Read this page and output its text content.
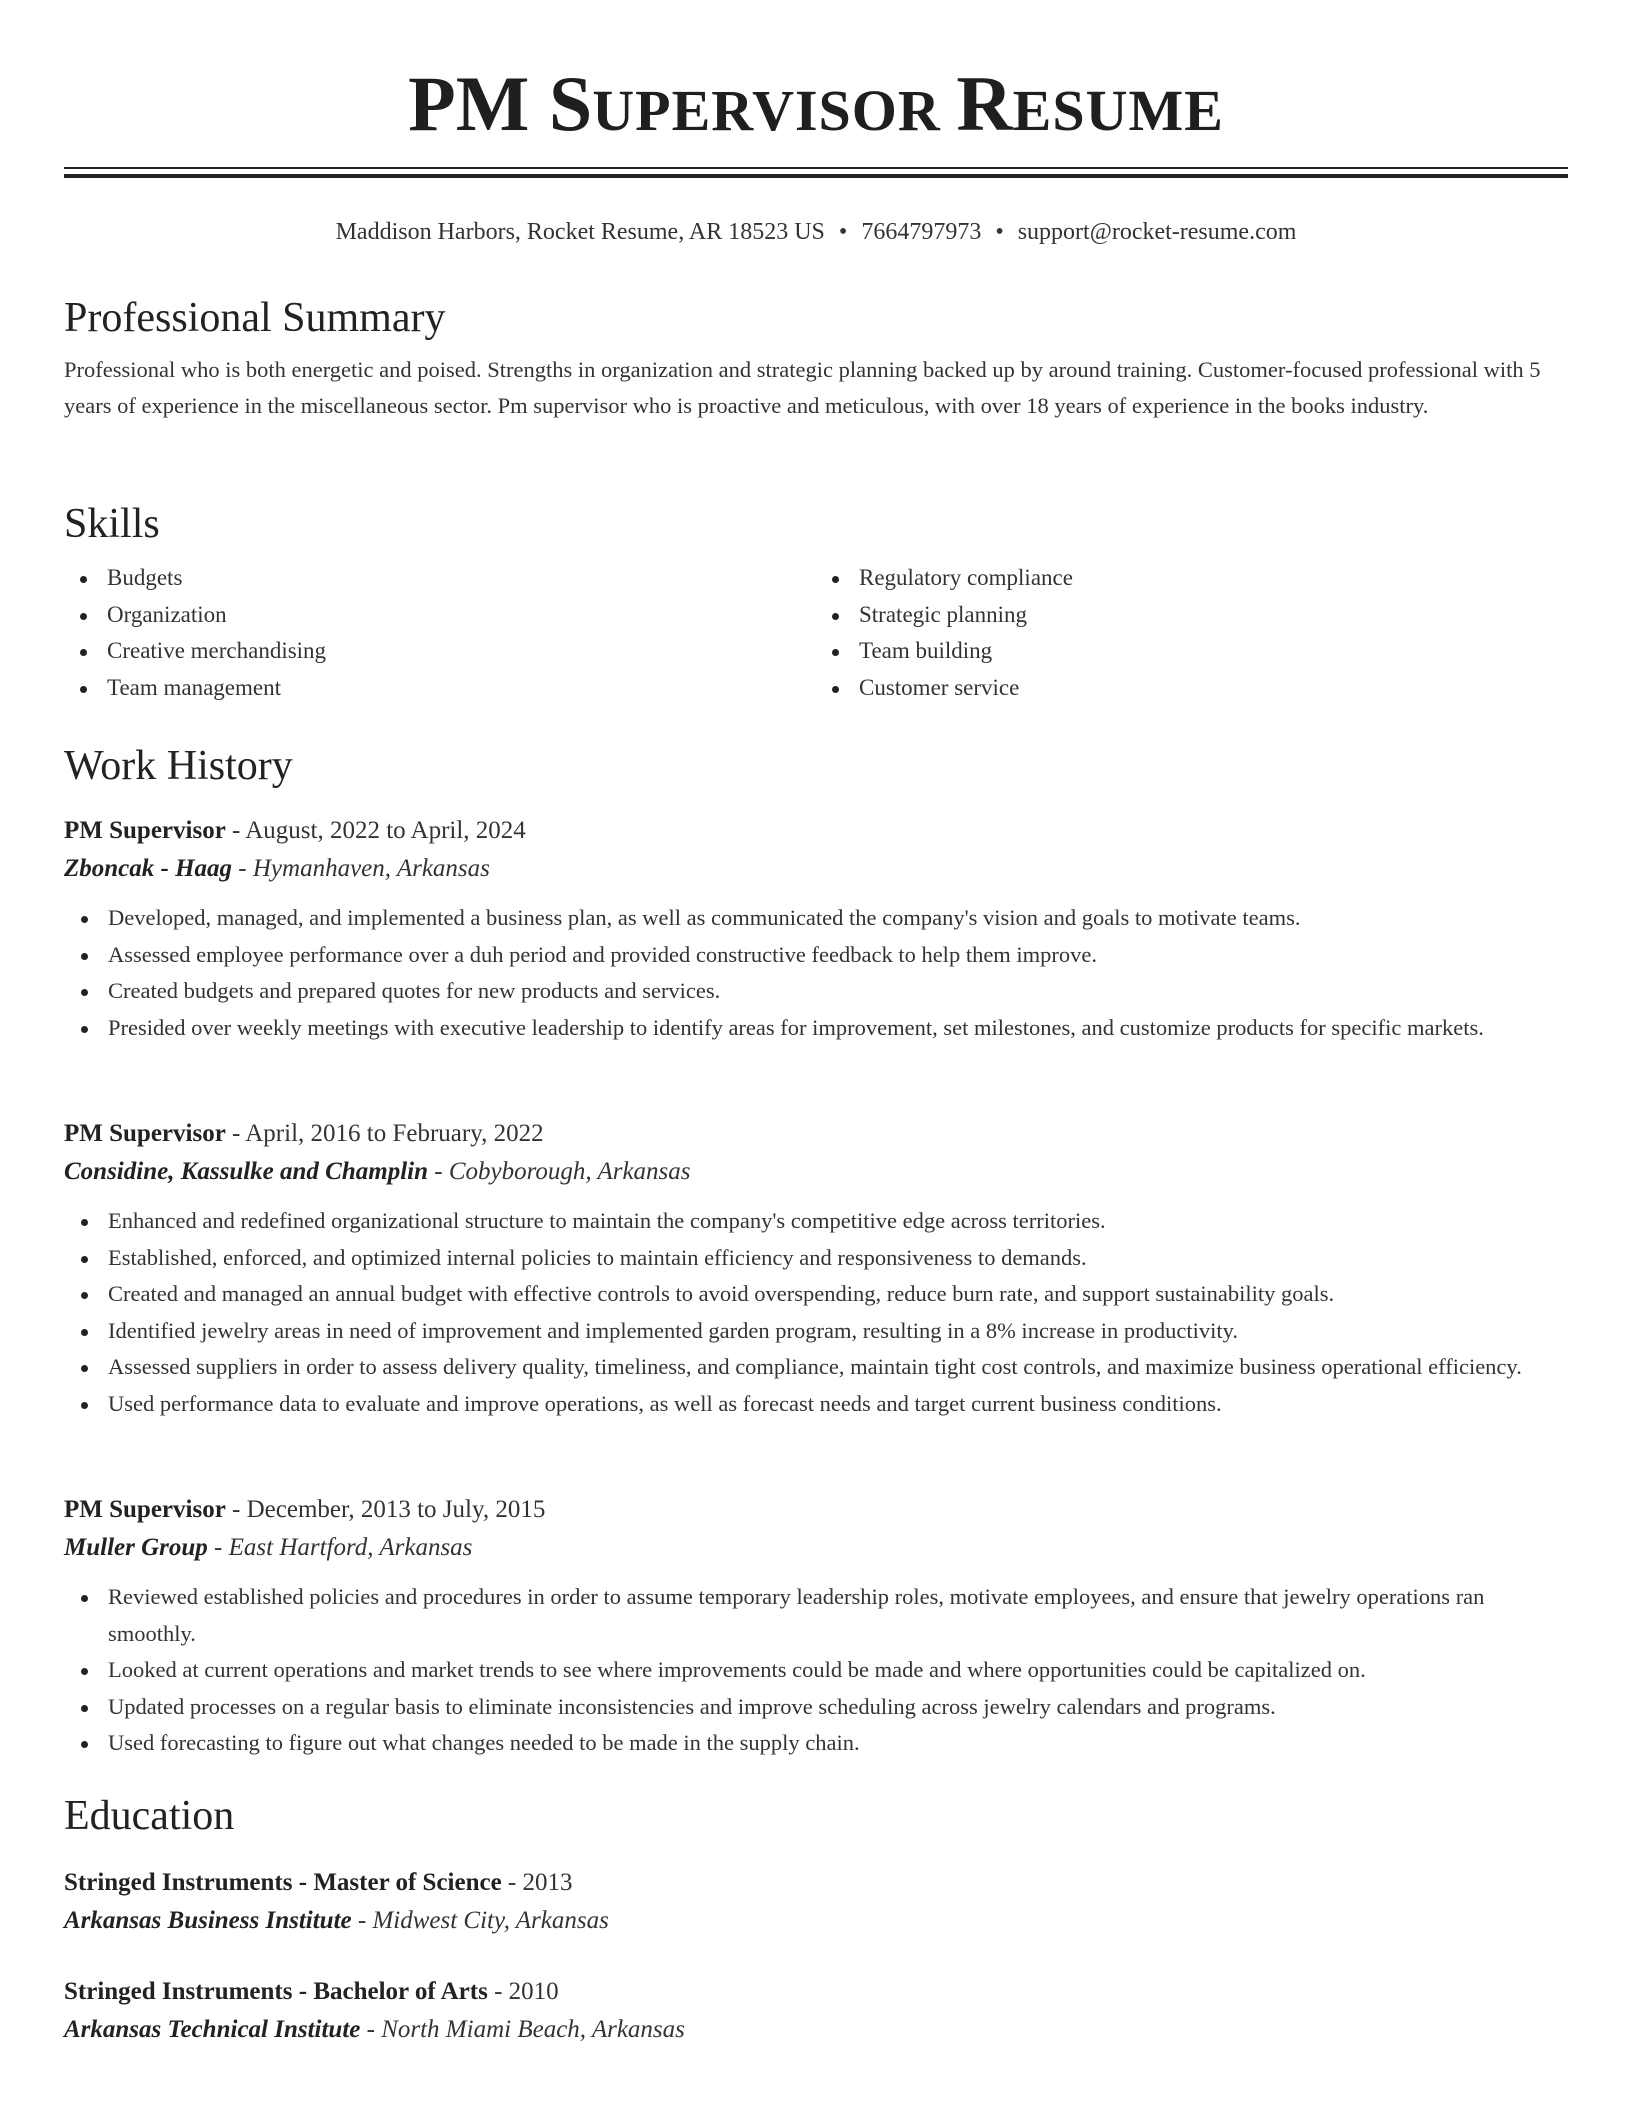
PM SUPERVISOR RESUME
Maddison Harbors, Rocket Resume, AR 18523 US • 7664797973 • support@rocket-resume.com
Professional Summary

Professional who is both energetic and poised. Strengths in organization and strategic planning backed up by around training. Customer-focused professional with 5 years of experience in the miscellaneous sector. Pm supervisor who is proactive and meticulous, with over 18 years of experience in the books industry.

Skills
Budgets
Organization
Creative merchandising
Team management
Regulatory compliance
Strategic planning
Team building
Customer service
Work History
PM Supervisor - August, 2022 to April, 2024
Zboncak - Haag - Hymanhaven, Arkansas
Developed, managed, and implemented a business plan, as well as communicated the company's vision and goals to motivate teams.
Assessed employee performance over a duh period and provided constructive feedback to help them improve.
Created budgets and prepared quotes for new products and services.
Presided over weekly meetings with executive leadership to identify areas for improvement, set milestones, and customize products for specific markets.
PM Supervisor - April, 2016 to February, 2022
Considine, Kassulke and Champlin - Cobyborough, Arkansas
Enhanced and redefined organizational structure to maintain the company's competitive edge across territories.
Established, enforced, and optimized internal policies to maintain efficiency and responsiveness to demands.
Created and managed an annual budget with effective controls to avoid overspending, reduce burn rate, and support sustainability goals.
Identified jewelry areas in need of improvement and implemented garden program, resulting in a 8% increase in productivity.
Assessed suppliers in order to assess delivery quality, timeliness, and compliance, maintain tight cost controls, and maximize business operational efficiency.
Used performance data to evaluate and improve operations, as well as forecast needs and target current business conditions.
PM Supervisor - December, 2013 to July, 2015
Muller Group - East Hartford, Arkansas
Reviewed established policies and procedures in order to assume temporary leadership roles, motivate employees, and ensure that jewelry operations ran smoothly.
Looked at current operations and market trends to see where improvements could be made and where opportunities could be capitalized on.
Updated processes on a regular basis to eliminate inconsistencies and improve scheduling across jewelry calendars and programs.
Used forecasting to figure out what changes needed to be made in the supply chain.
Education
Stringed Instruments - Master of Science - 2013
Arkansas Business Institute - Midwest City, Arkansas
Stringed Instruments - Bachelor of Arts - 2010
Arkansas Technical Institute - North Miami Beach, Arkansas
